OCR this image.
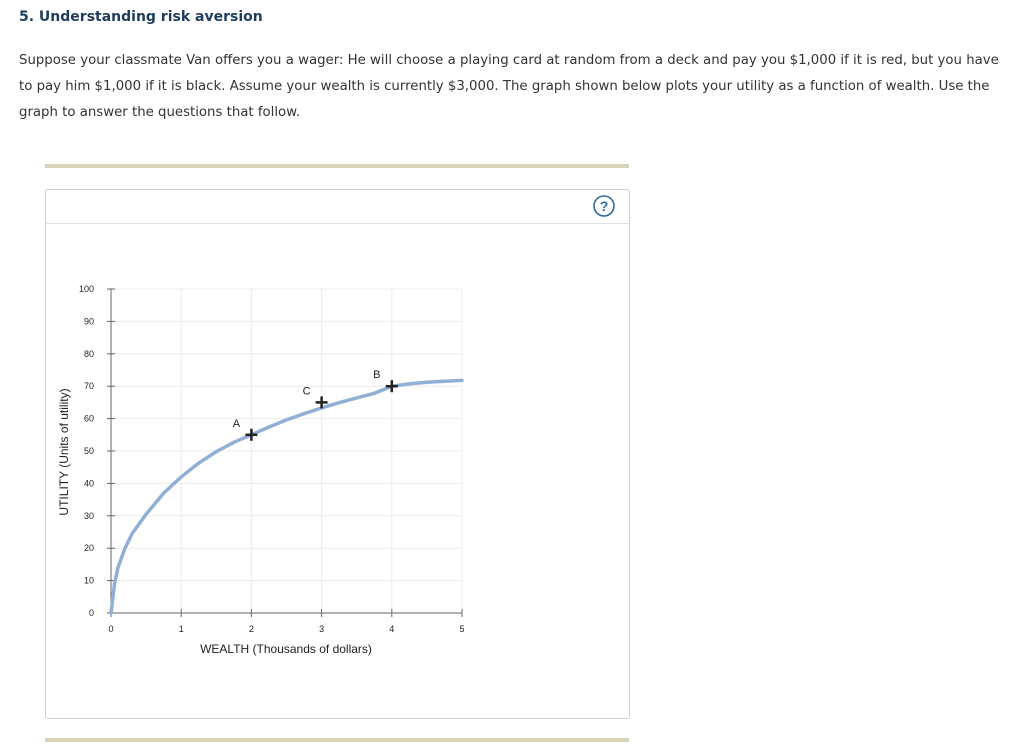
5. Understanding risk aversion
Suppose your classmate Van offers you a wager: He will choose a playing card at random from a deck and pay you $1,000 if it is red, but you have to pay him $1,000 if it is black. Assume your wealth is currently $3,000. The graph shown below plots your utility as a function of wealth. Use the graph to answer the questions that follow.
?
0	1	2	3	4	5
0
10
20
30
40
50
60
70
80
90
100
A
C
B
WEALTH (Thousands of dollars)
UTILITY (Units of utility)
